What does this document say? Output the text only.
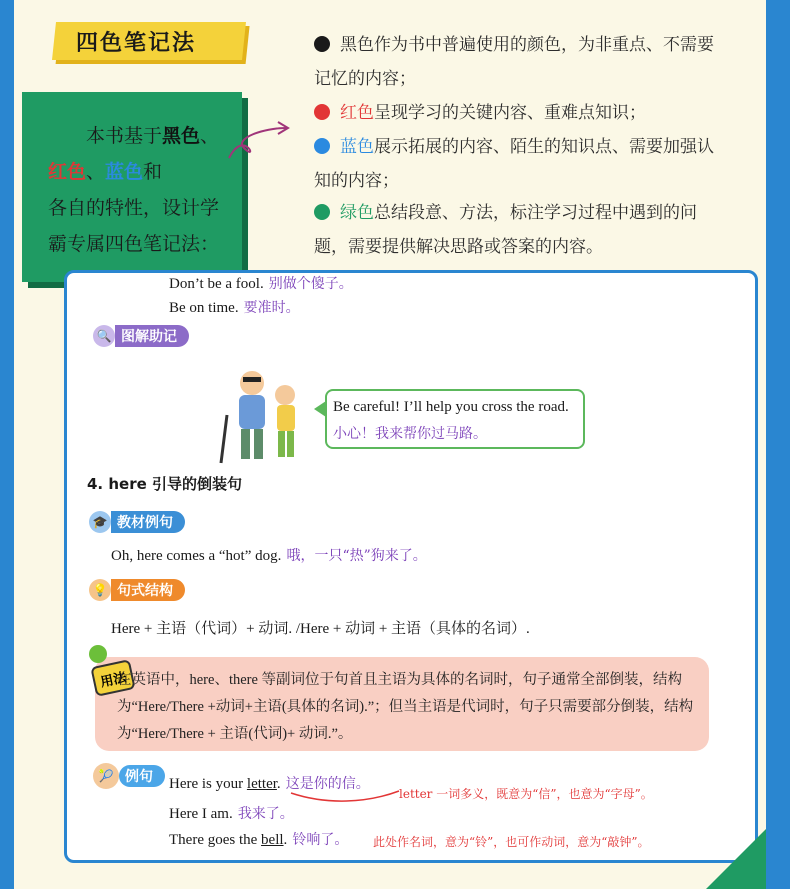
四色笔记法
本书基于黑色、
红色、蓝色和
各自的特性，设计学霸专属四色笔记法：
黑色作为书中普遍使用的颜色，为非重点、不需要记忆的内容；
红色呈现学习的关键内容、重难点知识；
蓝色展示拓展的内容、陌生的知识点、需要加强认知的内容；
绿色总结段意、方法，标注学习过程中遇到的问题，需要提供解决思路或答案的内容。
Don’t be a fool. 别做个傻子。
Be on time. 要准时。
🔍 图解助记
Be careful! I’ll help you cross the road.
小心！我来帮你过马路。
4. here 引导的倒装句
🎓 教材例句
Oh, here comes a “hot” dog. 哦，一只“热”狗来了。
💡 句式结构
Here + 主语（代词）+ 动词. /Here + 动词 + 主语（具体的名词）.
用法
在英语中，here、there 等副词位于句首且主语为具体的名词时，句子通常全部倒装，结构为“Here/There +动词+主语(具体的名词).”；但当主语是代词时，句子只需要部分倒装，结构为“Here/There + 主语(代词)+ 动词.”。
🎾 例句	Here is your letter. 这是你的信。
letter 一词多义，既意为“信”，也意为“字母”。
Here I am. 我来了。
There goes the bell. 铃响了。 此处作名词，意为“铃”，也可作动词，意为“敲钟”。
